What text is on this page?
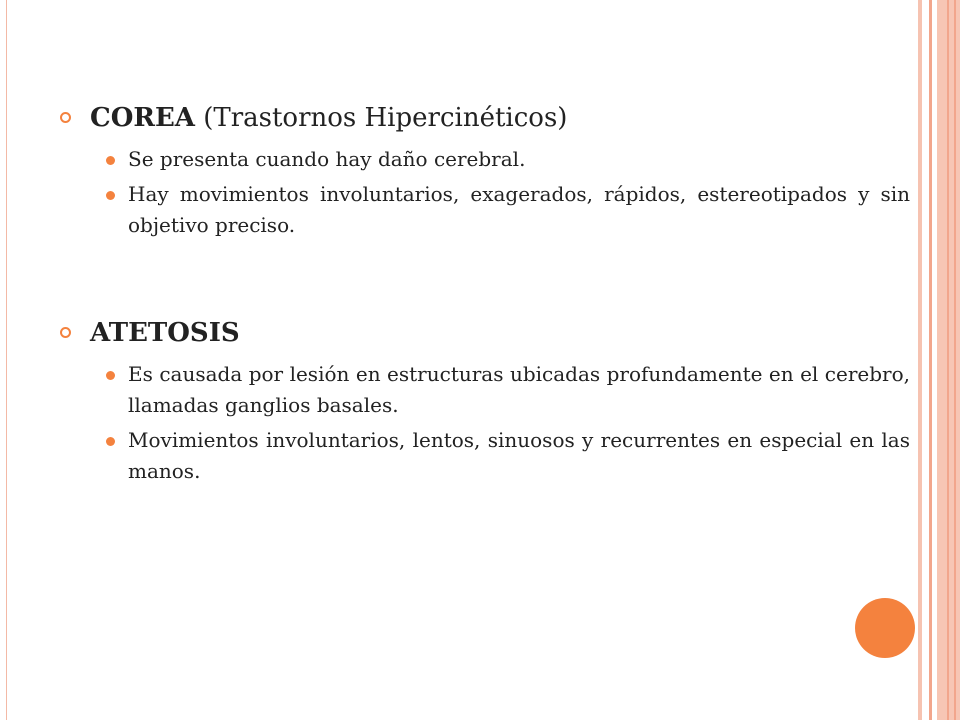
COREA (Trastornos Hipercinéticos)

Se presenta cuando hay daño cerebral.
Hay movimientos involuntarios, exagerados, rápidos, estereotipados y sin objetivo preciso.

ATETOSIS

Es causada por lesión en estructuras ubicadas profundamente en el cerebro, llamadas ganglios basales.
Movimientos involuntarios, lentos, sinuosos y recurrentes en especial en las manos.
